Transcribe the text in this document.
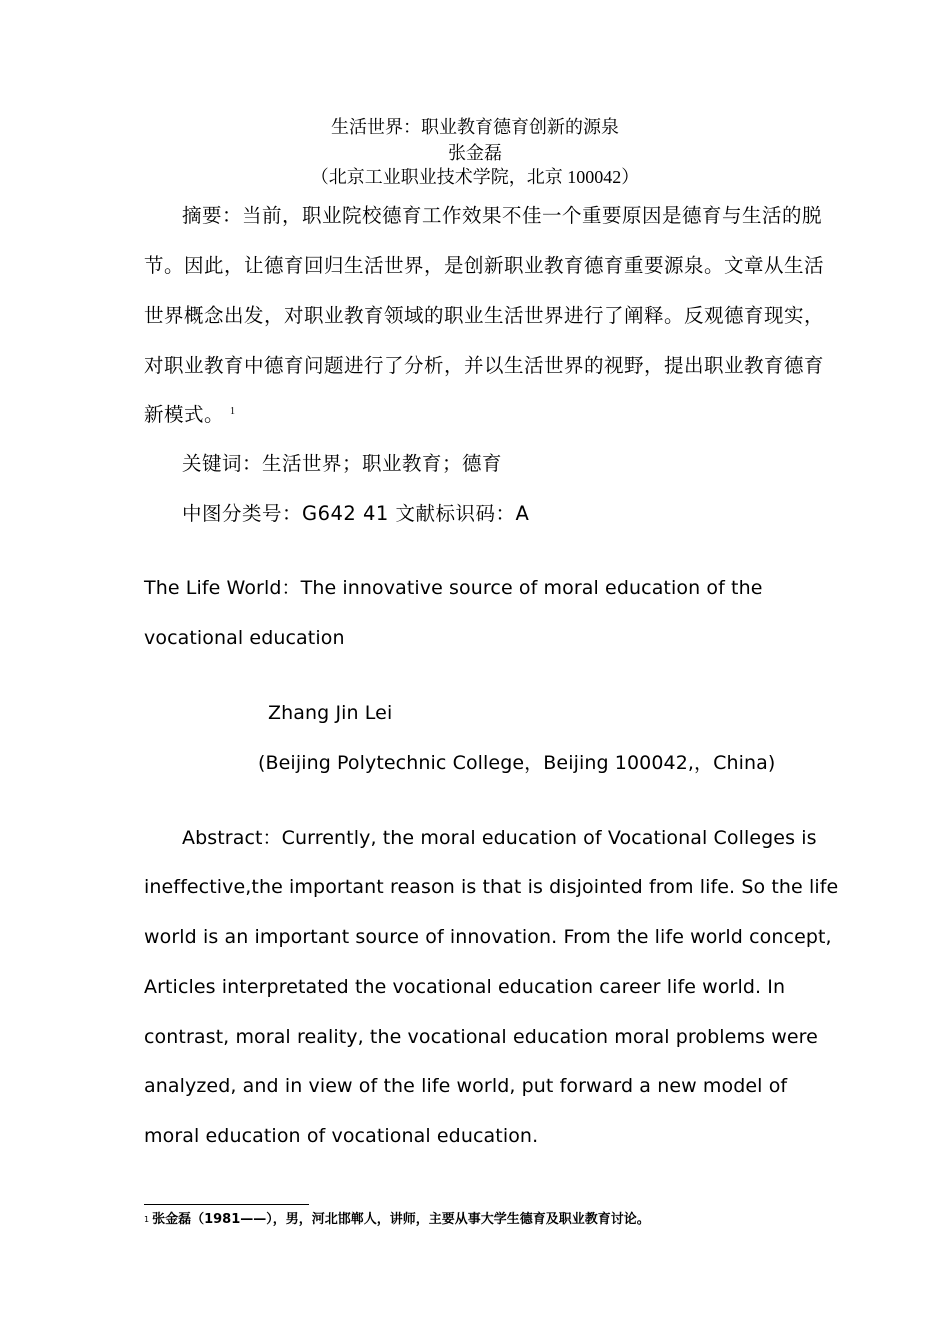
生活世界：职业教育德育创新的源泉
张金磊
（北京工业职业技术学院，北京 100042）
摘要：当前，职业院校德育工作效果不佳一个重要原因是德育与生活的脱
节。因此，让德育回归生活世界，是创新职业教育德育重要源泉。文章从生活
世界概念出发，对职业教育领域的职业生活世界进行了阐释。反观德育现实，
对职业教育中德育问题进行了分析，并以生活世界的视野，提出职业教育德育
新模式。 $^1$
关键词：生活世界；职业教育；德育
中图分类号：G642 41 文献标识码：A
The Life World：The innovative source of moral education of the
vocational education
Zhang Jin Lei
(Beijing Polytechnic College，Beijing 100042,，China)
Abstract：Currently, the moral education of Vocational Colleges is
ineffective,the important reason is that is disjointed from life. So the life
world is an important source of innovation. From the life world concept,
Articles interpretated the vocational education career life world. In
contrast, moral reality, the vocational education moral problems were
analyzed, and in view of the life world, put forward a new model of
moral education of vocational education.
$^1$ 张金磊（1981——），男，河北邯郸人，讲师，主要从事大学生德育及职业教育讨论。
